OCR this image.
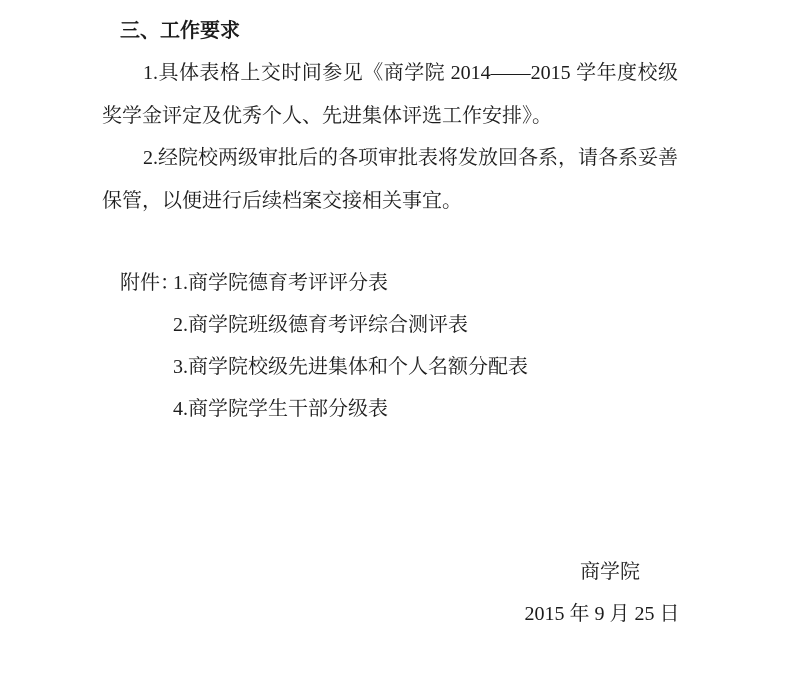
三、工作要求

1.具体表格上交时间参见《商学院 2014——2015 学年度校级奖学金评定及优秀个人、先进集体评选工作安排》。

2.经院校两级审批后的各项审批表将发放回各系，请各系妥善保管，以便进行后续档案交接相关事宜。

附件：
1.商学院德育考评评分表
2.商学院班级德育考评综合测评表
3.商学院校级先进集体和个人名额分配表
4.商学院学生干部分级表
商学院
2015 年 9 月 25 日
